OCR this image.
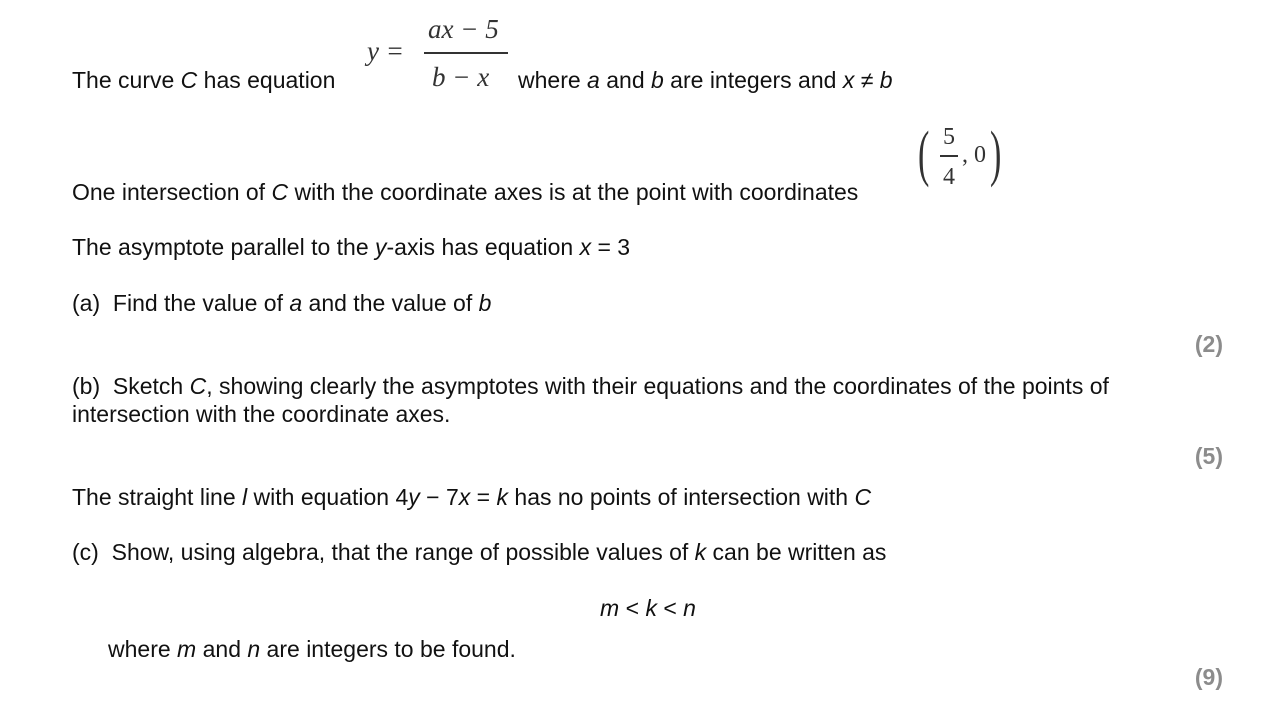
The curve C has equation
y =
ax − 5
b − x where a and b are integers and x ≠ b
One intersection of C with the coordinate axes is at the point with coordinates
( 5
4
, 0 )
The asymptote parallel to the y-axis has equation x = 3
(a) Find the value of a and the value of b
(2)
(b) Sketch C, showing clearly the asymptotes with their equations and the coordinates of the points of
intersection with the coordinate axes.
(5)
The straight line l with equation 4y − 7x = k has no points of intersection with C
(c) Show, using algebra, that the range of possible values of k can be written as
m < k < n
where m and n are integers to be found.
(9)
